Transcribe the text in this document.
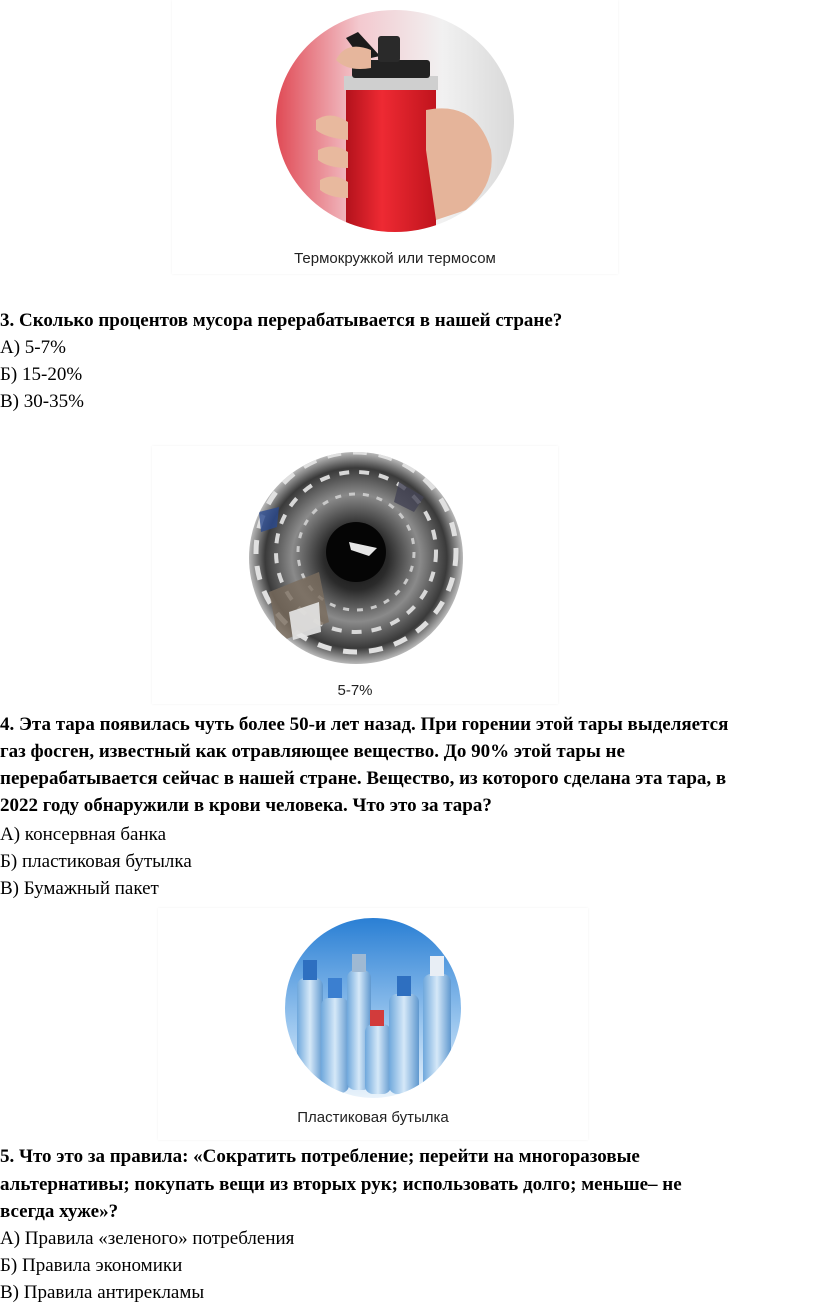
Термокружкой или термосом

3. Сколько процентов мусора перерабатывается в нашей стране?

А) 5-7%

Б) 15-20%

В) 30-35%

5-7%

4. Эта тара появилась чуть более 50-и лет назад. При горении этой тары выделяется

газ фосген, известный как отравляющее вещество. До 90% этой тары не

перерабатывается сейчас в нашей стране. Вещество, из которого сделана эта тара, в

2022 году обнаружили в крови человека. Что это за тара?

А) консервная банка

Б) пластиковая бутылка

В) Бумажный пакет

Пластиковая бутылка

5. Что это за правила: «Сократить потребление; перейти на многоразовые

альтернативы; покупать вещи из вторых рук; использовать долго; меньше– не

всегда хуже»?

А) Правила «зеленого» потребления

Б) Правила экономики

В) Правила антирекламы
